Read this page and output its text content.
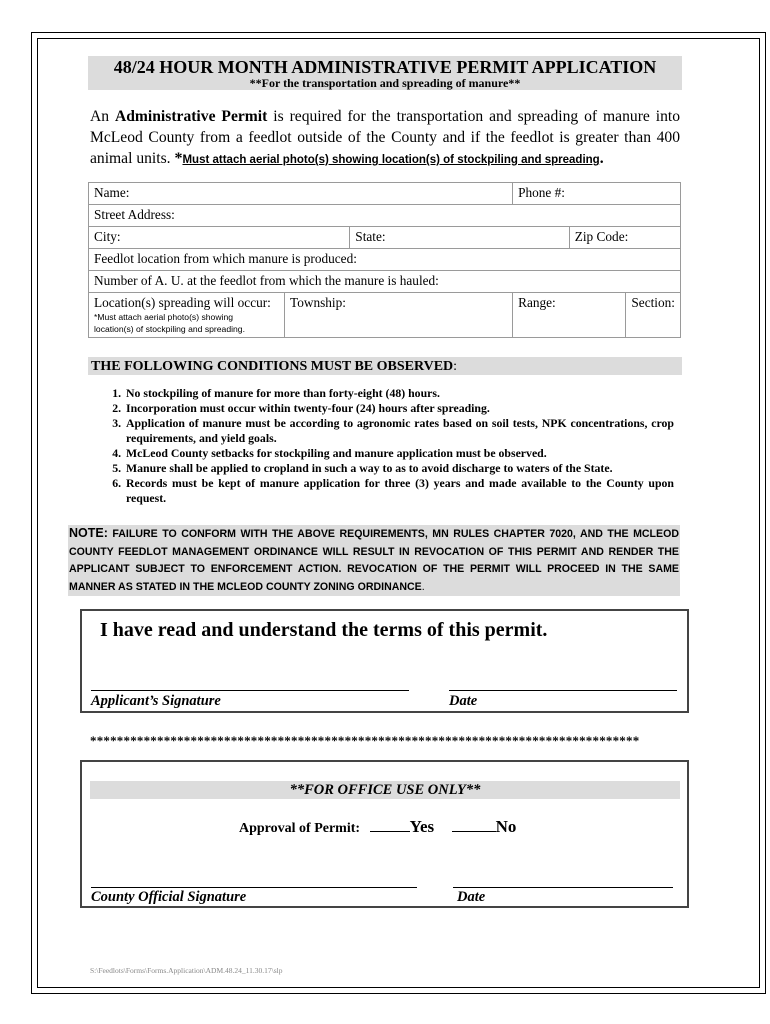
48/24 HOUR MONTH ADMINISTRATIVE PERMIT APPLICATION
**For the transportation and spreading of manure**
An Administrative Permit is required for the transportation and spreading of manure into McLeod County from a feedlot outside of the County and if the feedlot is greater than 400 animal units. *Must attach aerial photo(s) showing location(s) of stockpiling and spreading.
Name:			Phone #:		
Street Address:					
City:		State:		Zip Code:	
Feedlot location from which manure is produced:					
Number of A. U. at the feedlot from which the manure is hauled:					
Location(s) spreading will occur:
*Must attach aerial photo(s) showing
location(s) of stockpiling and spreading.	Township:		Range:		Section:
THE FOLLOWING CONDITIONS MUST BE OBSERVED:
1. No stockpiling of manure for more than forty-eight (48) hours.
2. Incorporation must occur within twenty-four (24) hours after spreading.
3. Application of manure must be according to agronomic rates based on soil tests, NPK concentrations, crop requirements, and yield goals.
4. McLeod County setbacks for stockpiling and manure application must be observed.
5. Manure shall be applied to cropland in such a way to as to avoid discharge to waters of the State.
6. Records must be kept of manure application for three (3) years and made available to the County upon request.
NOTE: FAILURE TO CONFORM WITH THE ABOVE REQUIREMENTS, MN RULES CHAPTER 7020, AND THE MCLEOD COUNTY FEEDLOT MANAGEMENT ORDINANCE WILL RESULT IN REVOCATION OF THIS PERMIT AND RENDER THE APPLICANT SUBJECT TO ENFORCEMENT ACTION. REVOCATION OF THE PERMIT WILL PROCEED IN THE SAME MANNER AS STATED IN THE MCLEOD COUNTY ZONING ORDINANCE.
I have read and understand the terms of this permit.
Applicant’s Signature	Date
**********************************************************************************
**FOR OFFICE USE ONLY**
Approval of Permit:	Yes	No
County Official Signature	Date
S:\Feedlots\Forms\Forms.Application\ADM.48.24_11.30.17\slp
